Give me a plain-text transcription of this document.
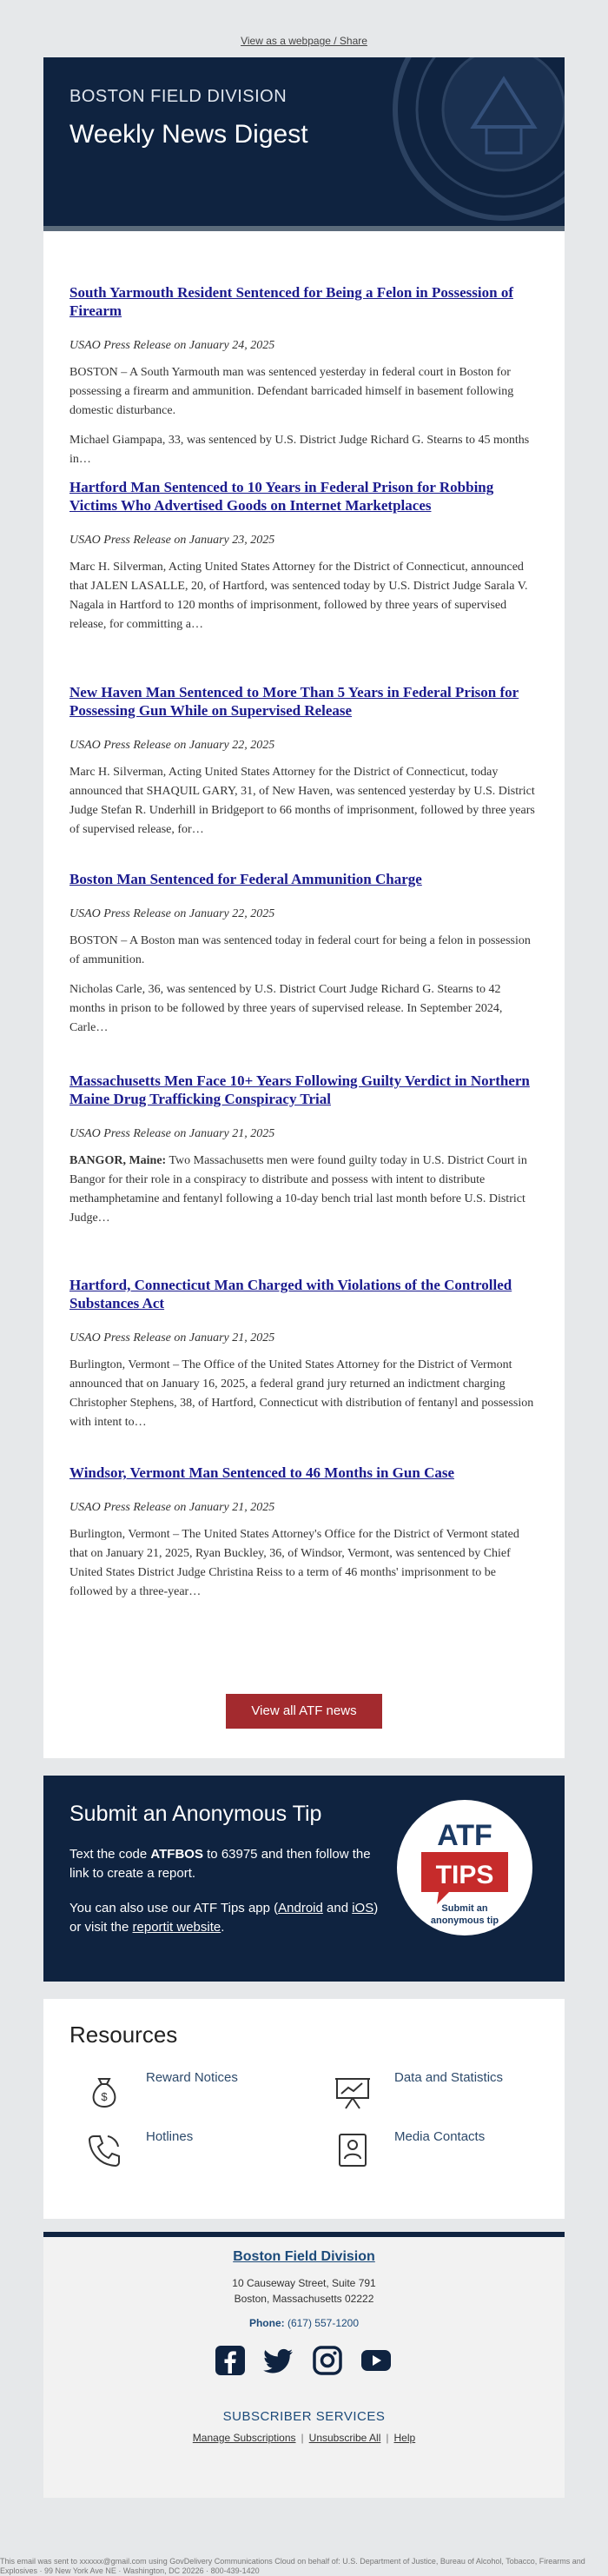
View as a webpage / Share
BOSTON FIELD DIVISION
Weekly News Digest
South Yarmouth Resident Sentenced for Being a Felon in Possession of Firearm
USAO Press Release on January 24, 2025

BOSTON – A South Yarmouth man was sentenced yesterday in federal court in Boston for possessing a firearm and ammunition. Defendant barricaded himself in basement following domestic disturbance.

Michael Giampapa, 33, was sentenced by U.S. District Judge Richard G. Stearns to 45 months in…

Hartford Man Sentenced to 10 Years in Federal Prison for Robbing Victims Who Advertised Goods on Internet Marketplaces
USAO Press Release on January 23, 2025

Marc H. Silverman, Acting United States Attorney for the District of Connecticut, announced that JALEN LASALLE, 20, of Hartford, was sentenced today by U.S. District Judge Sarala V. Nagala in Hartford to 120 months of imprisonment, followed by three years of supervised release, for committing a…

New Haven Man Sentenced to More Than 5 Years in Federal Prison for Possessing Gun While on Supervised Release
USAO Press Release on January 22, 2025

Marc H. Silverman, Acting United States Attorney for the District of Connecticut, today announced that SHAQUIL GARY, 31, of New Haven, was sentenced yesterday by U.S. District Judge Stefan R. Underhill in Bridgeport to 66 months of imprisonment, followed by three years of supervised release, for…

Boston Man Sentenced for Federal Ammunition Charge
USAO Press Release on January 22, 2025

BOSTON – A Boston man was sentenced today in federal court for being a felon in possession of ammunition.

Nicholas Carle, 36, was sentenced by U.S. District Court Judge Richard G. Stearns to 42 months in prison to be followed by three years of supervised release. In September 2024, Carle…

Massachusetts Men Face 10+ Years Following Guilty Verdict in Northern Maine Drug Trafficking Conspiracy Trial
USAO Press Release on January 21, 2025

BANGOR, Maine: Two Massachusetts men were found guilty today in U.S. District Court in Bangor for their role in a conspiracy to distribute and possess with intent to distribute methamphetamine and fentanyl following a 10-day bench trial last month before U.S. District Judge…

Hartford, Connecticut Man Charged with Violations of the Controlled Substances Act
USAO Press Release on January 21, 2025

Burlington, Vermont – The Office of the United States Attorney for the District of Vermont announced that on January 16, 2025, a federal grand jury returned an indictment charging Christopher Stephens, 38, of Hartford, Connecticut with distribution of fentanyl and possession with intent to…

Windsor, Vermont Man Sentenced to 46 Months in Gun Case
USAO Press Release on January 21, 2025

Burlington, Vermont – The United States Attorney's Office for the District of Vermont stated that on January 21, 2025, Ryan Buckley, 36, of Windsor, Vermont, was sentenced by Chief United States District Judge Christina Reiss to a term of 46 months' imprisonment to be followed by a three-year…

View all ATF news
Submit an Anonymous Tip
Text the code ATFBOS to 63975 and then follow the link to create a report.
You can also use our ATF Tips app (Android and iOS) or visit the reportit website.
ATF
TIPS
Submit an
anonymous tip
Resources
$
Reward Notices	Data and Statistics
Hotlines	Media Contacts
Boston Field Division
10 Causeway Street, Suite 791
Boston, Massachusetts 02222
Phone: (617) 557-1200
SUBSCRIBER SERVICES
Manage Subscriptions | Unsubscribe All | Help
This email was sent to xxxxxx@gmail.com using GovDelivery Communications Cloud on behalf of: U.S. Department of Justice, Bureau of Alcohol, Tobacco, Firearms and Explosives · 99 New York Ave NE · Washington, DC 20226 · 800-439-1420
